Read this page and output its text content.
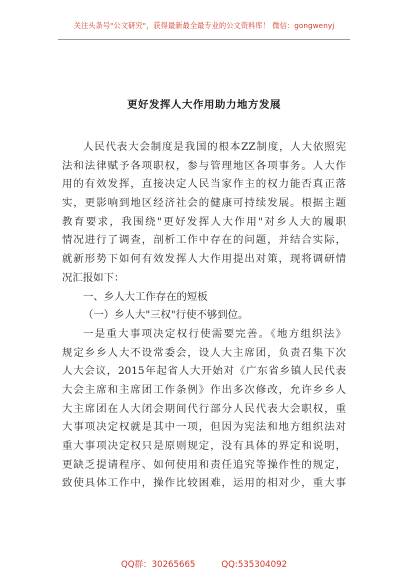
关注头条号"公文研究"，获得最新最全最专业的公文资料库！ 微信：gongwenyj
更好发挥人大作用助力地方发展
人民代表大会制度是我国的根本ZZ制度，人大依照宪
法和法律赋予各项职权，参与管理地区各项事务。人大作
用的有效发挥，直接决定人民当家作主的权力能否真正落
实，更影响到地区经济社会的健康可持续发展。根据主题
教育要求，我围绕"更好发挥人大作用"对乡人大的履职
情况进行了调查，剖析工作中存在的问题，并结合实际，
就新形势下如何有效发挥人大作用提出对策，现将调研情
况汇报如下：
一、乡人大工作存在的短板
（一）乡人大"三权"行使不够到位。
一是重大事项决定权行使需要完善。《地方组织法》
规定乡乡人大不设常委会，设人大主席团，负责召集下次
人大会议，2015年起省人大开始对《广东省乡镇人民代表
大会主席和主席团工作条例》作出多次修改，允许乡乡人
大主席团在人大闭会期间代行部分人民代表大会职权，重
大事项决定权就是其中一项，但因为宪法和地方组织法对
重大事项决定权只是原则规定，没有具体的界定和说明，
更缺乏提请程序、如何使用和责任追究等操作性的规定，
致使具体工作中，操作比较困难，运用的相对少，重大事
QQ群：30265665	QQ:535304092
